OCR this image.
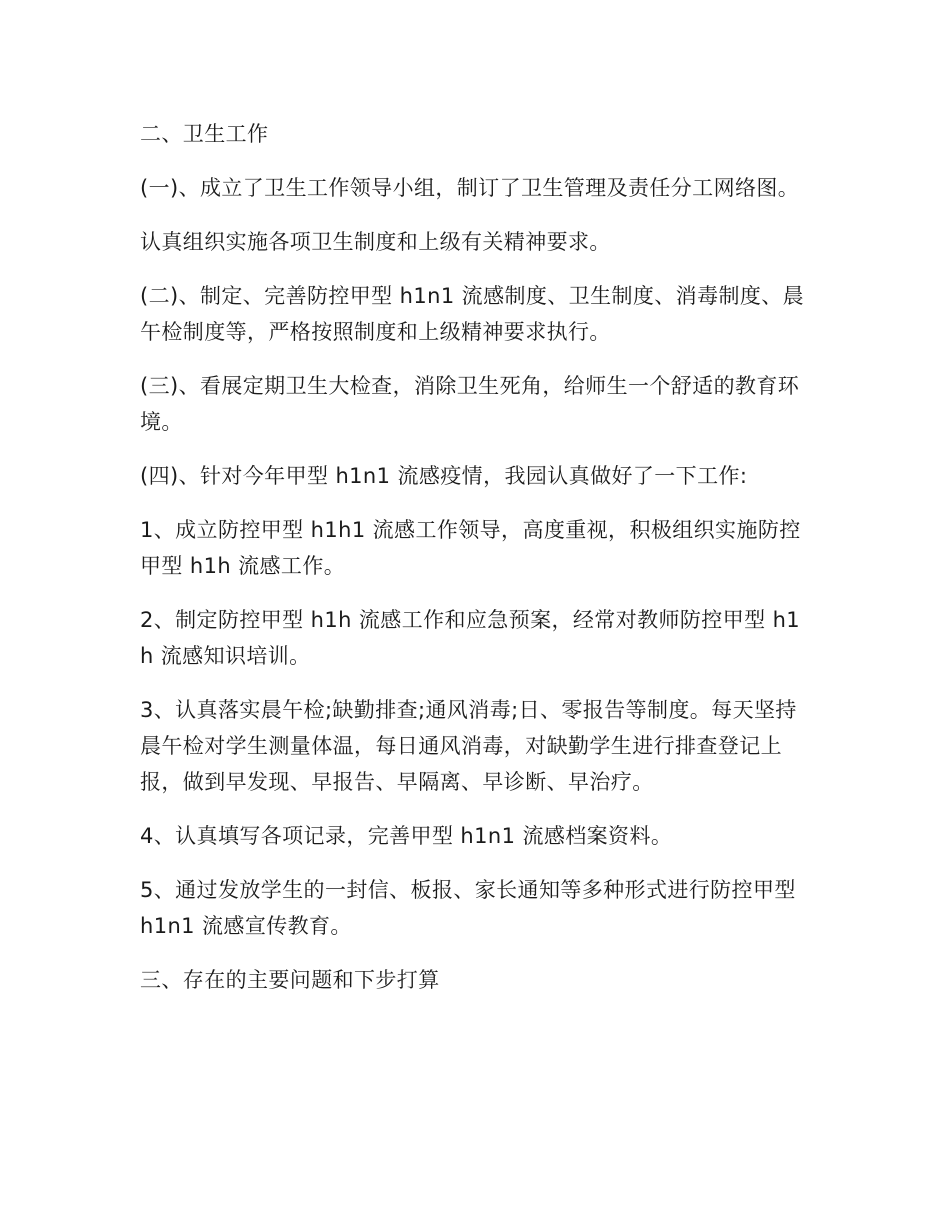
二、卫生工作

(一)、成立了卫生工作领导小组，制订了卫生管理及责任分工网络图。

认真组织实施各项卫生制度和上级有关精神要求。

(二)、制定、完善防控甲型 h1n1 流感制度、卫生制度、消毒制度、晨午检制度等，严格按照制度和上级精神要求执行。

(三)、看展定期卫生大检查，消除卫生死角，给师生一个舒适的教育环境。

(四)、针对今年甲型 h1n1 流感疫情，我园认真做好了一下工作:

1、成立防控甲型 h1h1 流感工作领导，高度重视，积极组织实施防控甲型 h1h 流感工作。

2、制定防控甲型 h1h 流感工作和应急预案，经常对教师防控甲型 h1h 流感知识培训。

3、认真落实晨午检;缺勤排查;通风消毒;日、零报告等制度。每天坚持晨午检对学生测量体温，每日通风消毒，对缺勤学生进行排查登记上报，做到早发现、早报告、早隔离、早诊断、早治疗。

4、认真填写各项记录，完善甲型 h1n1 流感档案资料。

5、通过发放学生的一封信、板报、家长通知等多种形式进行防控甲型 h1n1 流感宣传教育。

三、存在的主要问题和下步打算
